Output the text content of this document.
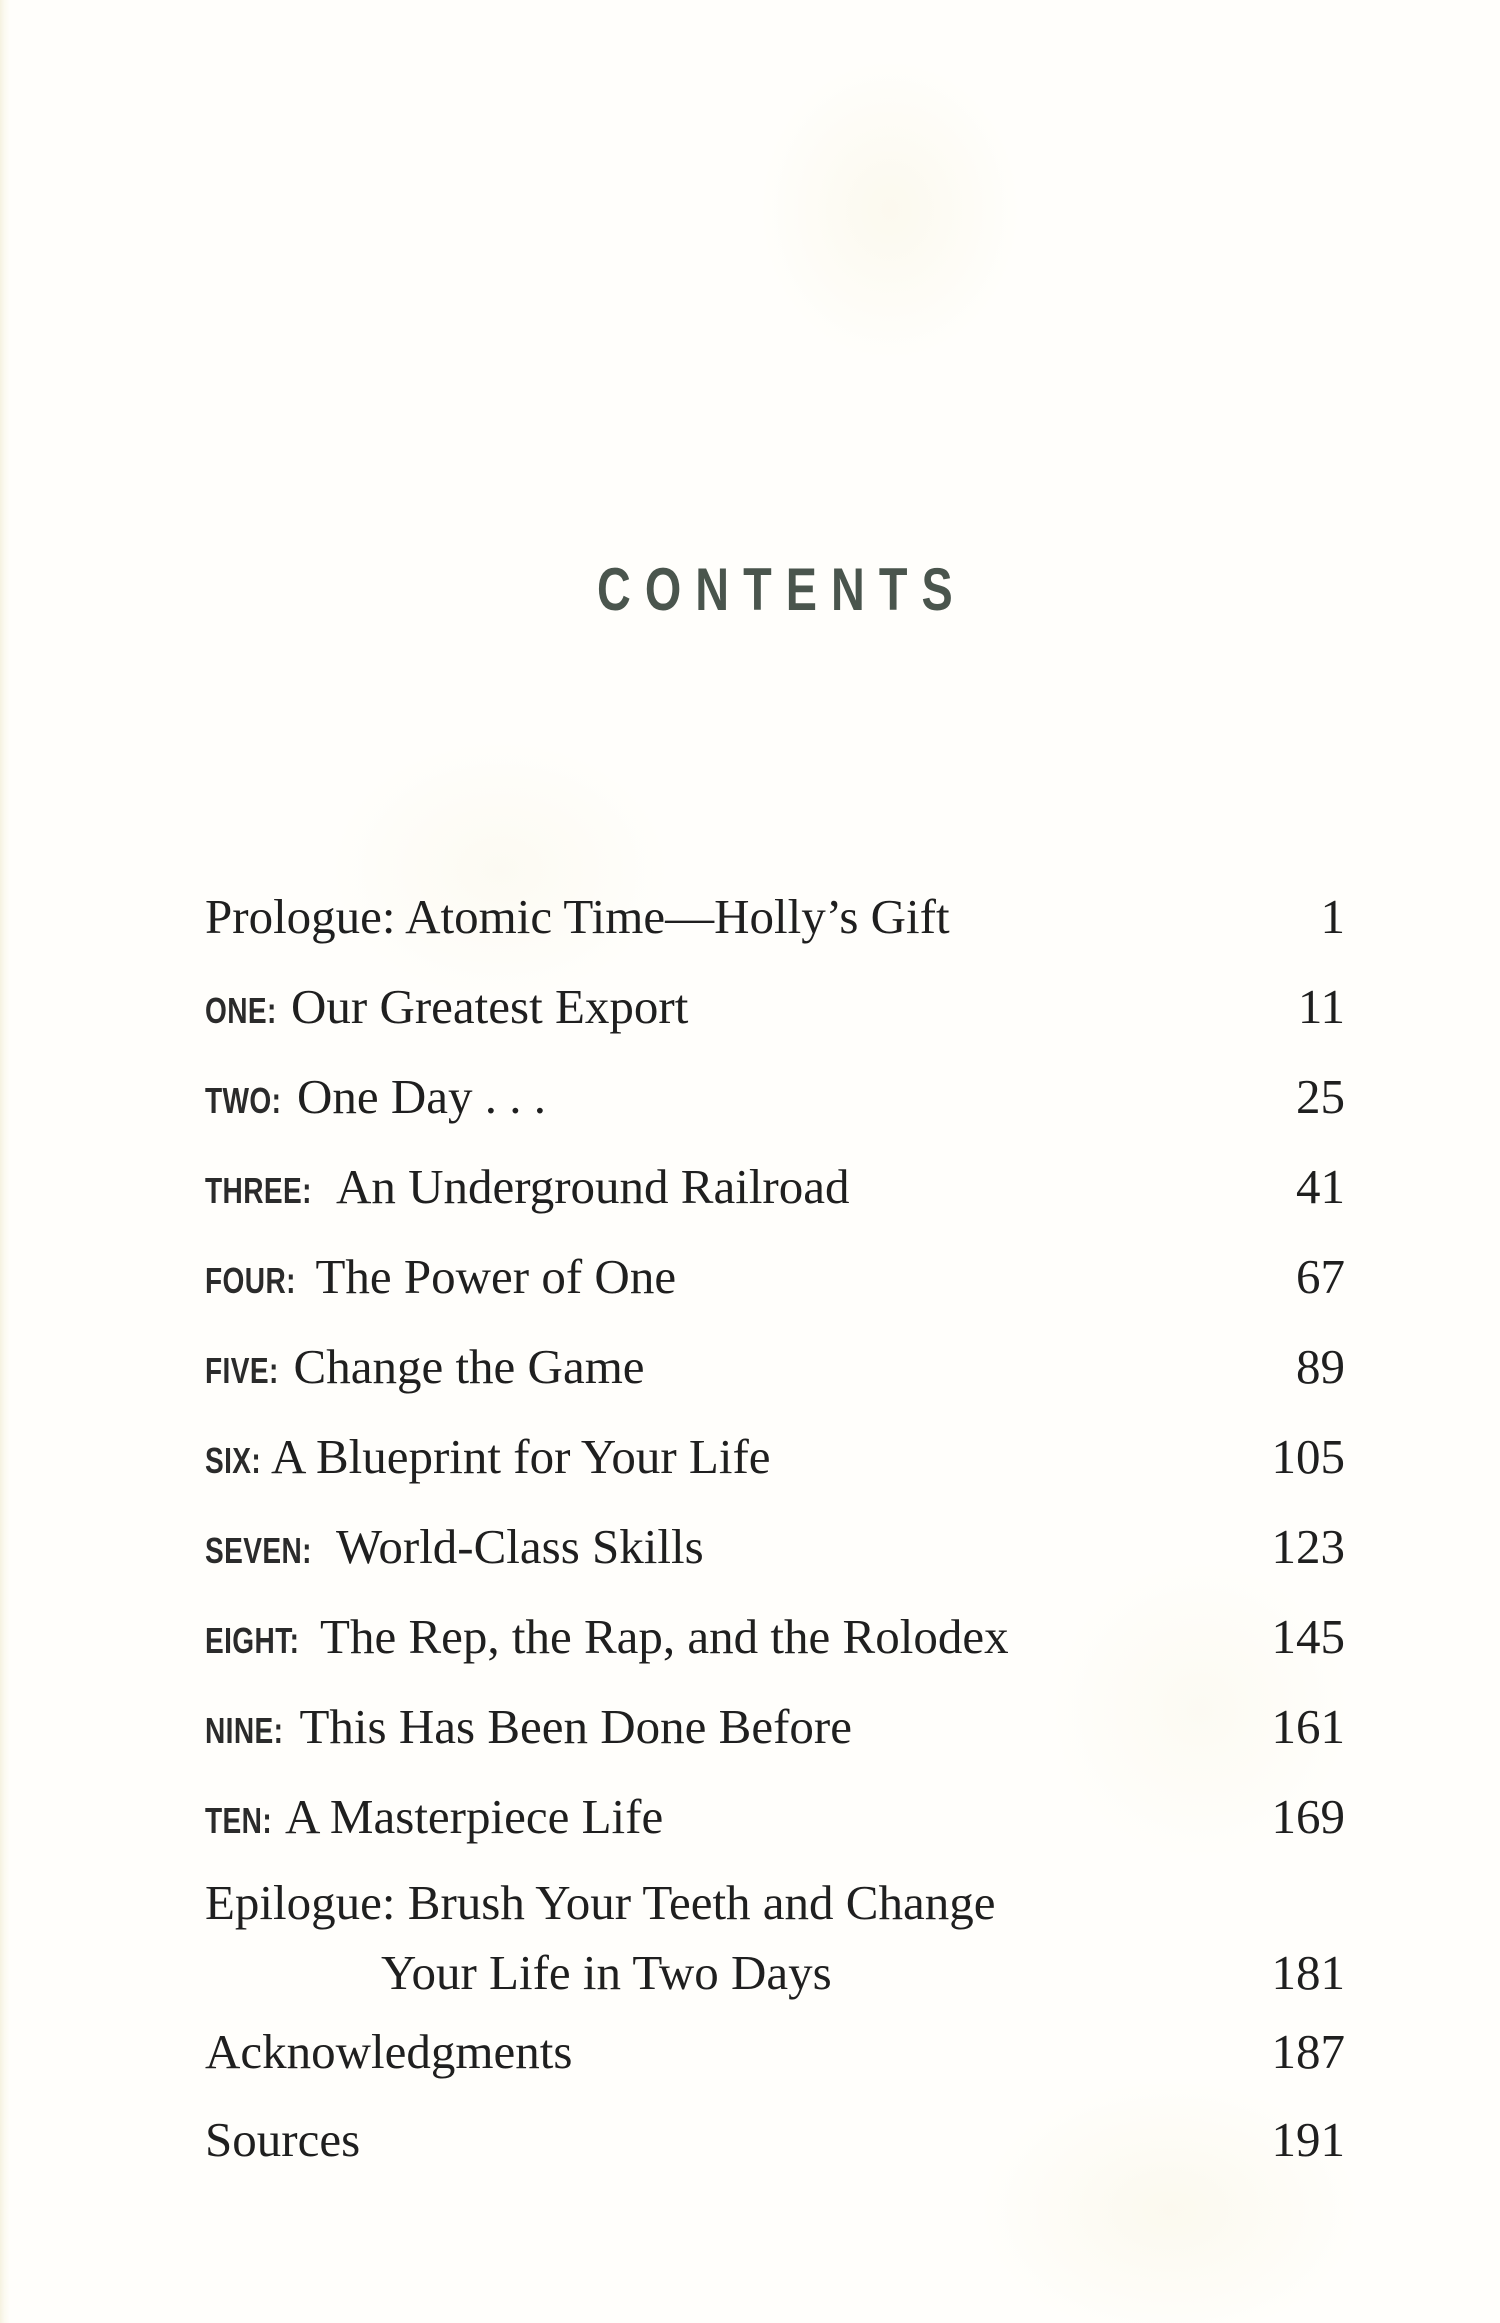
CONTENTS
Prologue: Atomic Time—Holly’s Gift	1
ONE: Our Greatest Export	11
TWO: One Day . . .	25
THREE: An Underground Railroad	41
FOUR: The Power of One	67
FIVE: Change the Game	89
SIX: A Blueprint for Your Life	105
SEVEN: World-Class Skills	123
EIGHT: The Rep, the Rap, and the Rolodex	145
NINE: This Has Been Done Before	161
TEN: A Masterpiece Life	169
Epilogue: Brush Your Teeth and Change
Your Life in Two Days	181
Acknowledgments	187
Sources	191
